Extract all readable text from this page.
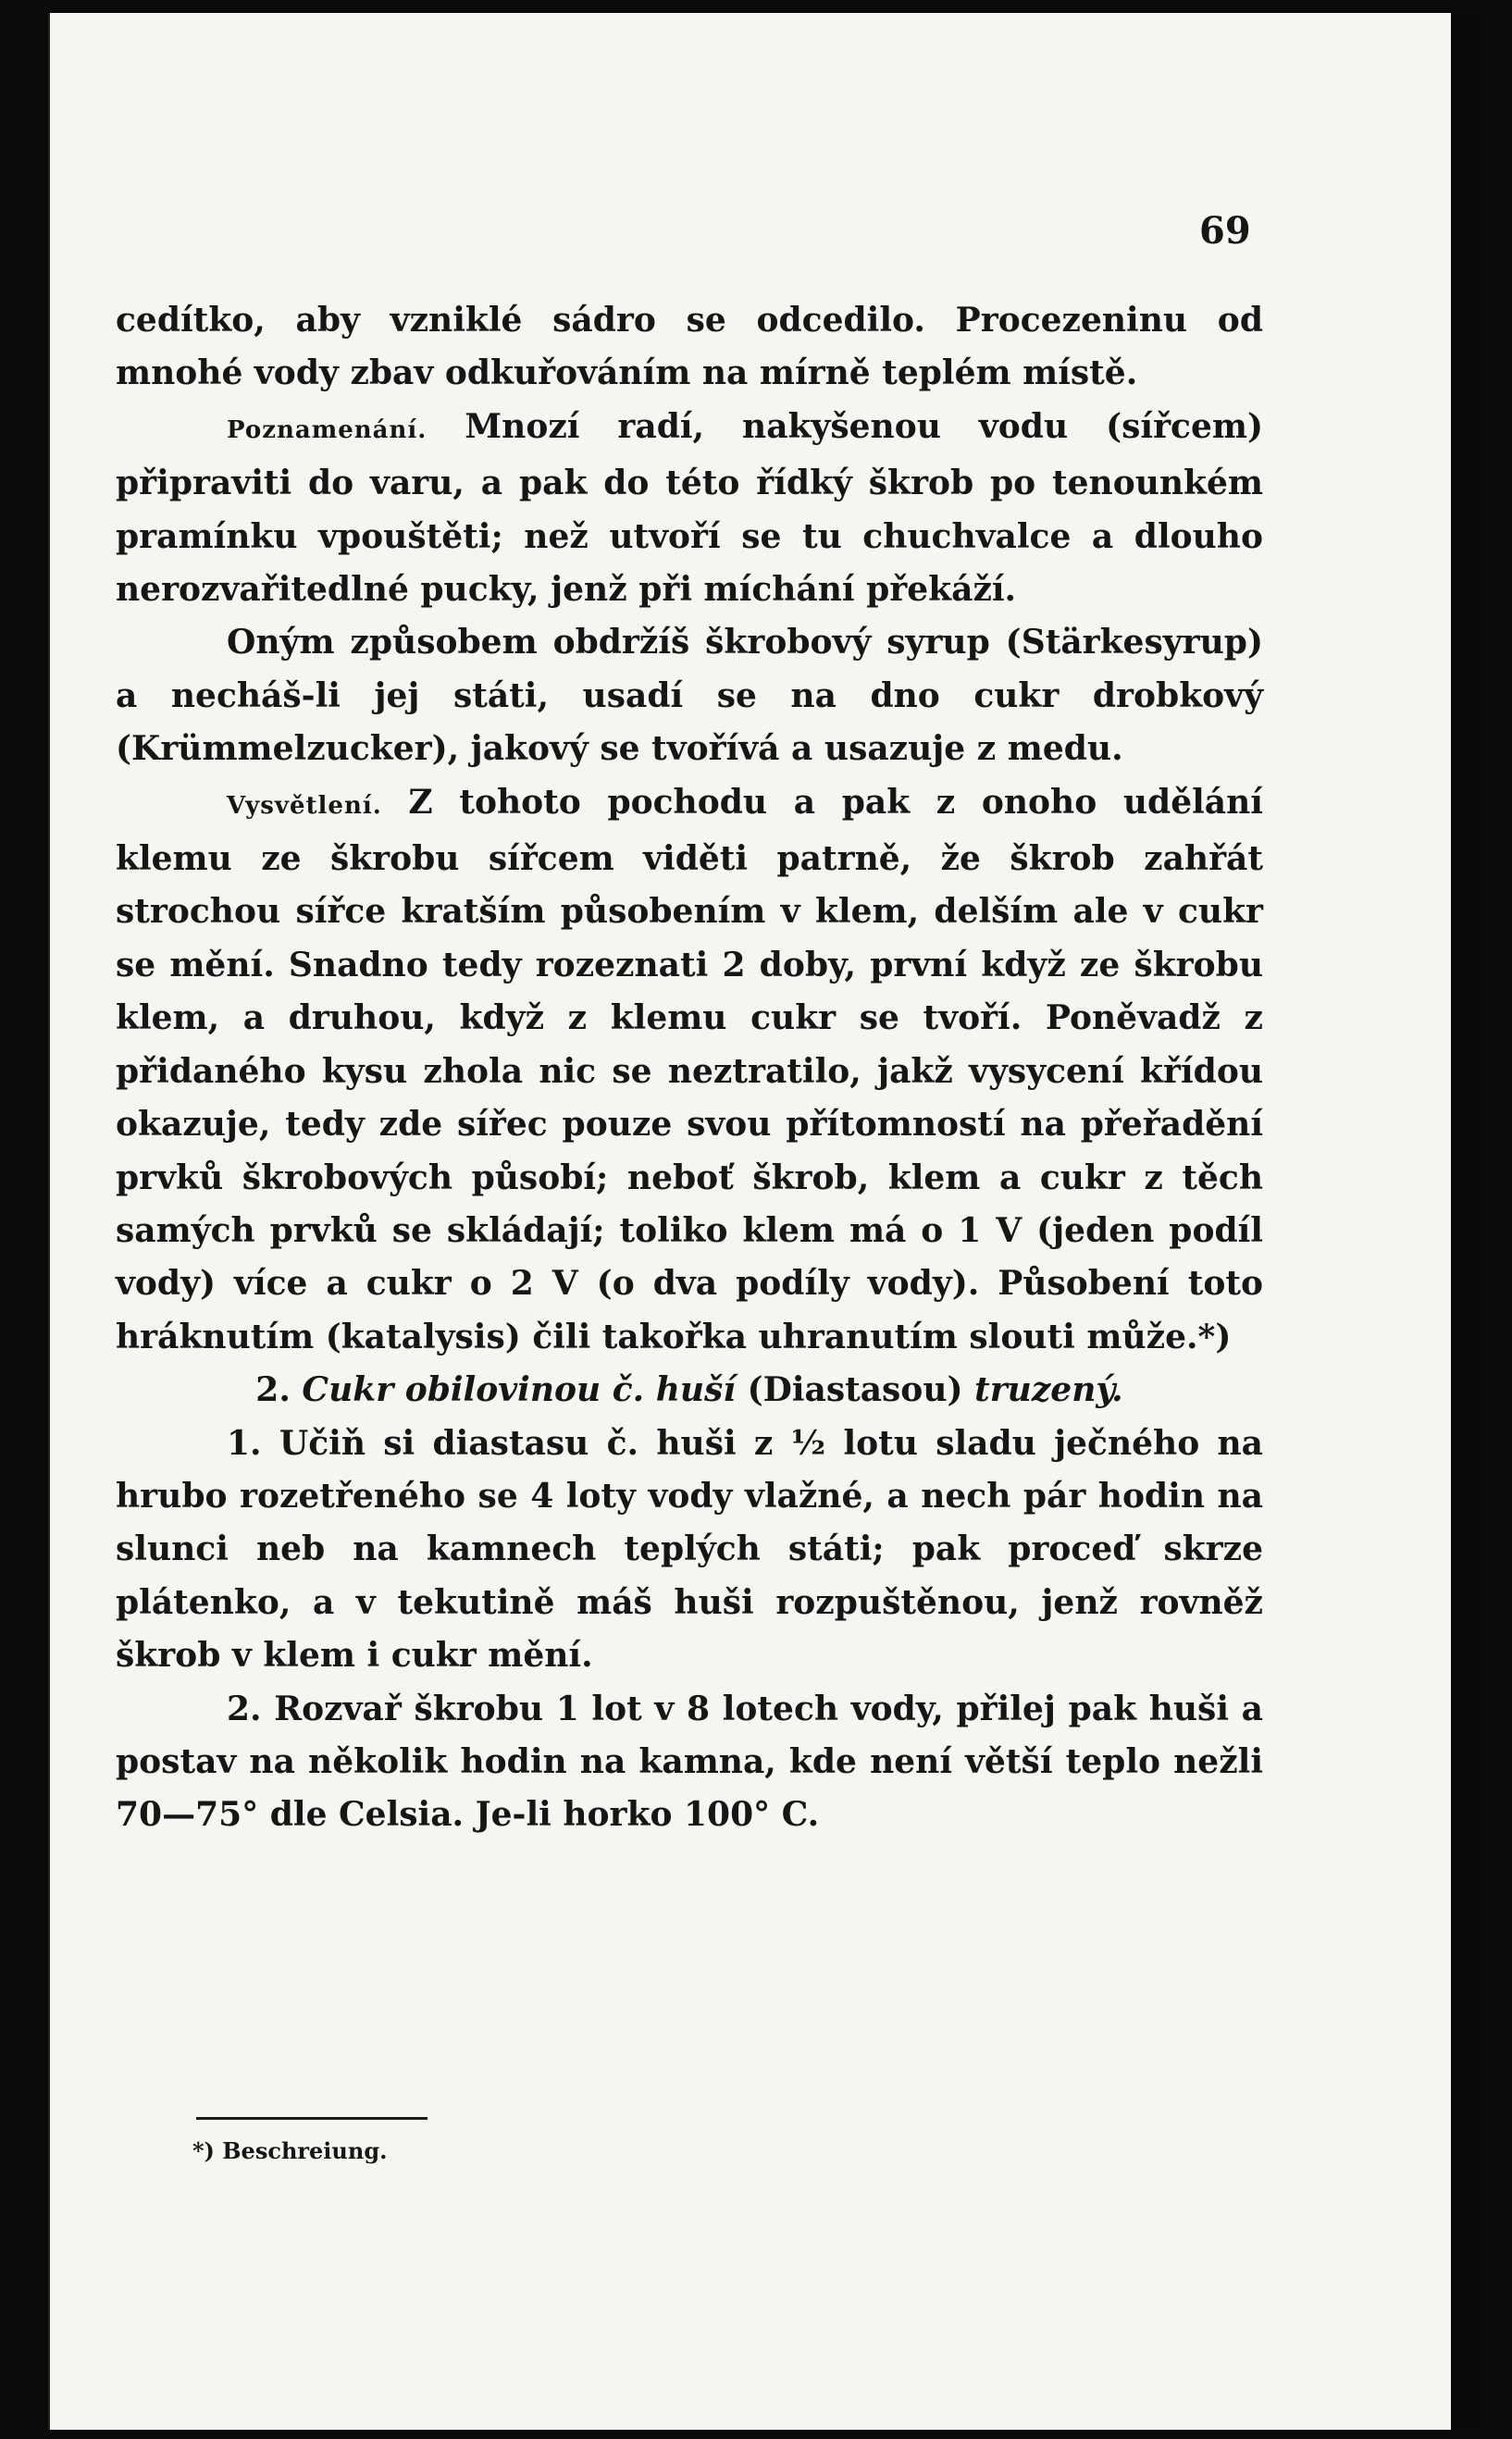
69

cedítko, aby vzniklé sádro se odcedilo. Procezeninu od mnohé vody zbav odkuřováním na mírně teplém místě.

Poznamenání. Mnozí radí, nakyšenou vodu (sířcem) připraviti do varu, a pak do této řídký škrob po tenounkém pramínku vpouštěti; než utvoří se tu chuchvalce a dlouho nerozvařitedlné pucky, jenž při míchání překáží.

Oným způsobem obdržíš škrobový syrup (Stärkesyrup) a necháš-li jej státi, usadí se na dno cukr drobkový (Krümmelzucker), jakový se tvořívá a usazuje z medu.

Vysvětlení. Z tohoto pochodu a pak z onoho udělání klemu ze škrobu sířcem viděti patrně, že škrob zahřát strochou sířce kratším působením v klem, delším ale v cukr se mění. Snadno tedy rozeznati 2 doby, první když ze škrobu klem, a druhou, když z klemu cukr se tvoří. Poněvadž z přidaného kysu zhola nic se neztratilo, jakž vysycení křídou okazuje, tedy zde sířec pouze svou přítomností na přeřadění prvků škrobových působí; neboť škrob, klem a cukr z těch samých prvků se skládají; toliko klem má o 1 V (jeden podíl vody) více a cukr o 2 V (o dva podíly vody). Působení toto hráknutím (katalysis) čili takořka uhranutím slouti může.*)

2. Cukr obilovinou č. huší (Diastasou) truzený.

1. Učiň si diastasu č. huši z ½ lotu sladu ječného na hrubo rozetřeného se 4 loty vody vlažné, a nech pár hodin na slunci neb na kamnech teplých státi; pak proceď skrze plátenko, a v tekutině máš huši rozpuštěnou, jenž rovněž škrob v klem i cukr mění.

2. Rozvař škrobu 1 lot v 8 lotech vody, přilej pak huši a postav na několik hodin na kamna, kde není větší teplo nežli 70—75° dle Celsia. Je-li horko 100° C.

*) Beschreiung.
